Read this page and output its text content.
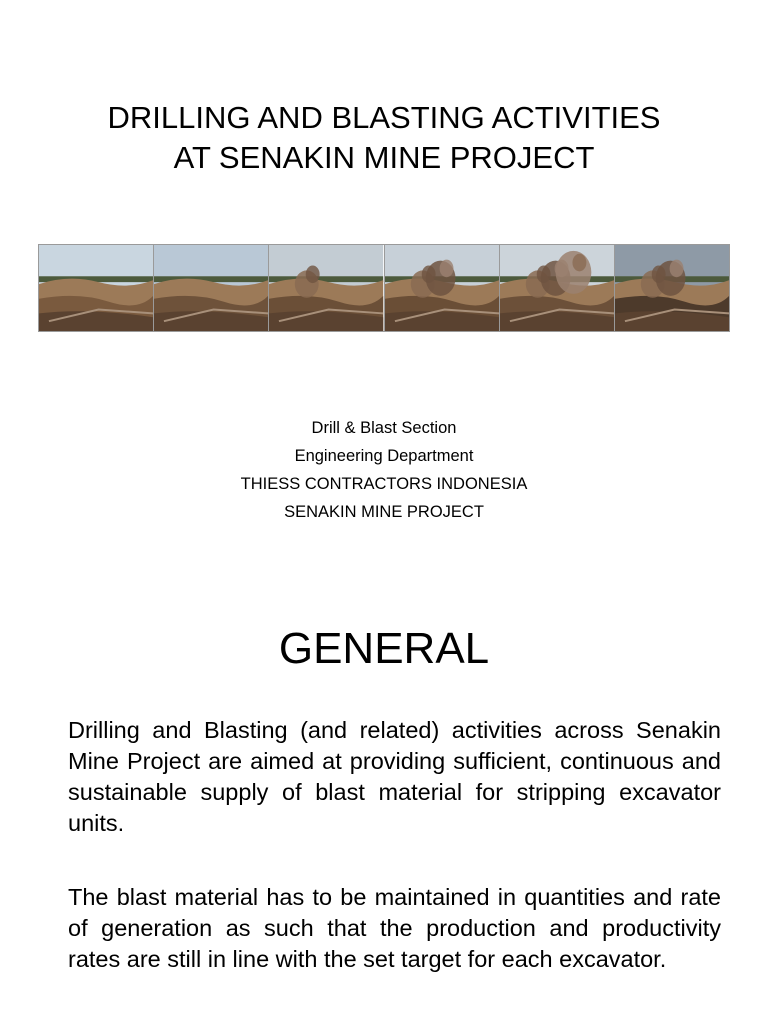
DRILLING AND BLASTING ACTIVITIES
AT SENAKIN MINE PROJECT
Drill & Blast Section
Engineering Department
THIESS CONTRACTORS INDONESIA
SENAKIN MINE PROJECT
GENERAL

Drilling and Blasting (and related) activities across Senakin Mine Project are aimed at providing sufficient, continuous and sustainable supply of blast material for stripping excavator units.

The blast material has to be maintained in quantities and rate of generation as such that the production and productivity rates are still in line with the set target for each excavator.
